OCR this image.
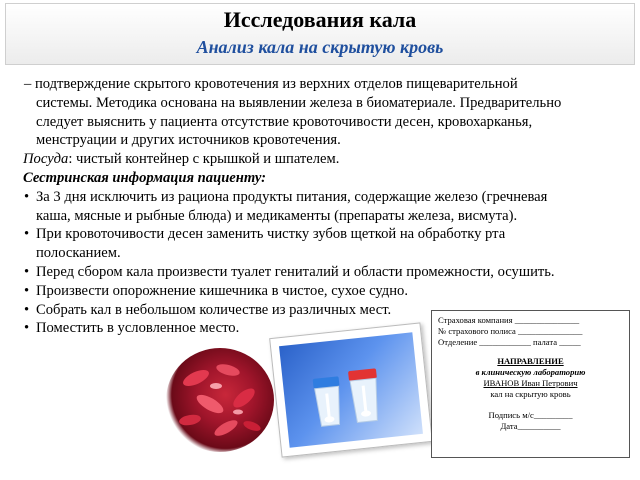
Исследования кала
Анализ кала на скрытую кровь

– подтверждение скрытого кровотечения из верхних отделов пищеварительной

системы. Методика основана на выявлении железа в биоматериале. Предварительно

следует выяснить у пациента отсутствие кровоточивости десен, кровохарканья,

менструации и других источников кровотечения.

Посуда: чистый контейнер с крышкой и шпателем.

Сестринская информация пациенту:

• За 3 дня исключить из рациона продукты питания, содержащие железо (гречневая
каша, мясные и рыбные блюда) и медикаменты (препараты железа, висмута).
• При кровоточивости десен заменить чистку зубов щеткой на обработку рта
полосканием.
• Перед сбором кала произвести туалет гениталий и области промежности, осушить.
• Произвести опорожнение кишечника в чистое, сухое судно.
• Собрать кал в небольшом количестве из различных мест.
• Поместить в условленное место.
Страховая компания _______________
№ страхового полиса _______________
Отделение ____________ палата _____
НАПРАВЛЕНИЕ
в клиническую лабораторию
ИВАНОВ Иван Петрович
кал на скрытую кровь
Подпись м/с_________
Дата__________
